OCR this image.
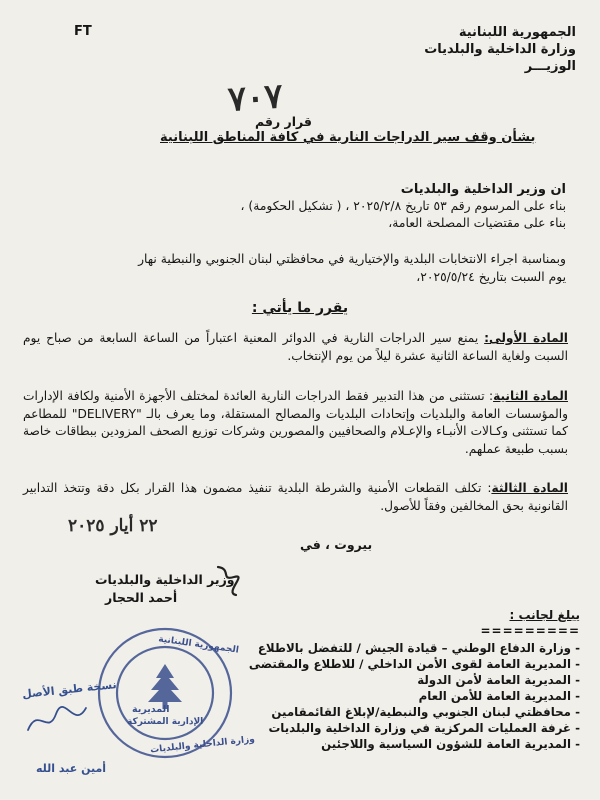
FT	الجمهورية اللبنانية
وزارة الداخلية والبلديات
الوزيـــر
٧٠٧
قرار رقم
بشأن وقف سير الدراجات النارية في كافة المناطق اللبنانية
ان وزير الداخلية والبلديات
بناء على المرسوم رقم ٥٣ تاريخ ٢٠٢٥/٢/٨ ، ( تشكيل الحكومة) ،
بناء على مقتضيات المصلحة العامة،
وبمناسبة اجراء الانتخابات البلدية والإختيارية في محافظتي لبنان الجنوبي والنبطية نهار
يوم السبت بتاريخ ٢٠٢٥/٥/٢٤،
يقرر ما يأتي :
المادة الأولى: يمنع سير الدراجات النارية في الدوائر المعنية اعتباراً من الساعة السابعة من صباح يوم السبت ولغاية الساعة الثانية عشرة ليلاً من يوم الإنتخاب.
المادة الثانية: تستثنى من هذا التدبير فقط الدراجات النارية العائدة لمختلف الأجهزة الأمنية ولكافة الإدارات والمؤسسات العامة والبلديات وإتحادات البلديات والمصالح المستقلة، وما يعرف بالـ "DELIVERY" للمطاعم كما تستثنى وكـالات الأنبـاء والإعـلام والصحافيين والمصورين وشركات توزيع الصحف المزودين ببطاقات خاصة بسبب طبيعة عملهم.
المادة الثالثة: تكلف القطعات الأمنية والشرطة البلدية تنفيذ مضمون هذا القرار بكل دقة وتتخذ التدابير القانونية بحق المخالفين وفقاً للأصول.
٢٢ أيار ٢٠٢٥
بيروت ، في
وزير الداخلية والبلديات
أحمد الحجار
يبلغ لجانب :
=========
- وزارة الدفاع الوطني – قيادة الجيش / للتفضل بالاطلاع
- المديرية العامة لقوى الأمن الداخلي / للاطلاع والمقتضى
- المديرية العامة لأمن الدولة
- المديرية العامة للأمن العام
- محافظتي لبنان الجنوبي والنبطية/لإبلاغ القائمقامين
- غرفة العمليات المركزية في وزارة الداخلية والبلديات
- المديرية العامة للشؤون السياسية واللاجئين
الجمهورية اللبنانية
المديرية
الإدارية المشتركة
وزارة الداخلية والبلديات
نسخة طبق الأصل
أمين عبد الله
